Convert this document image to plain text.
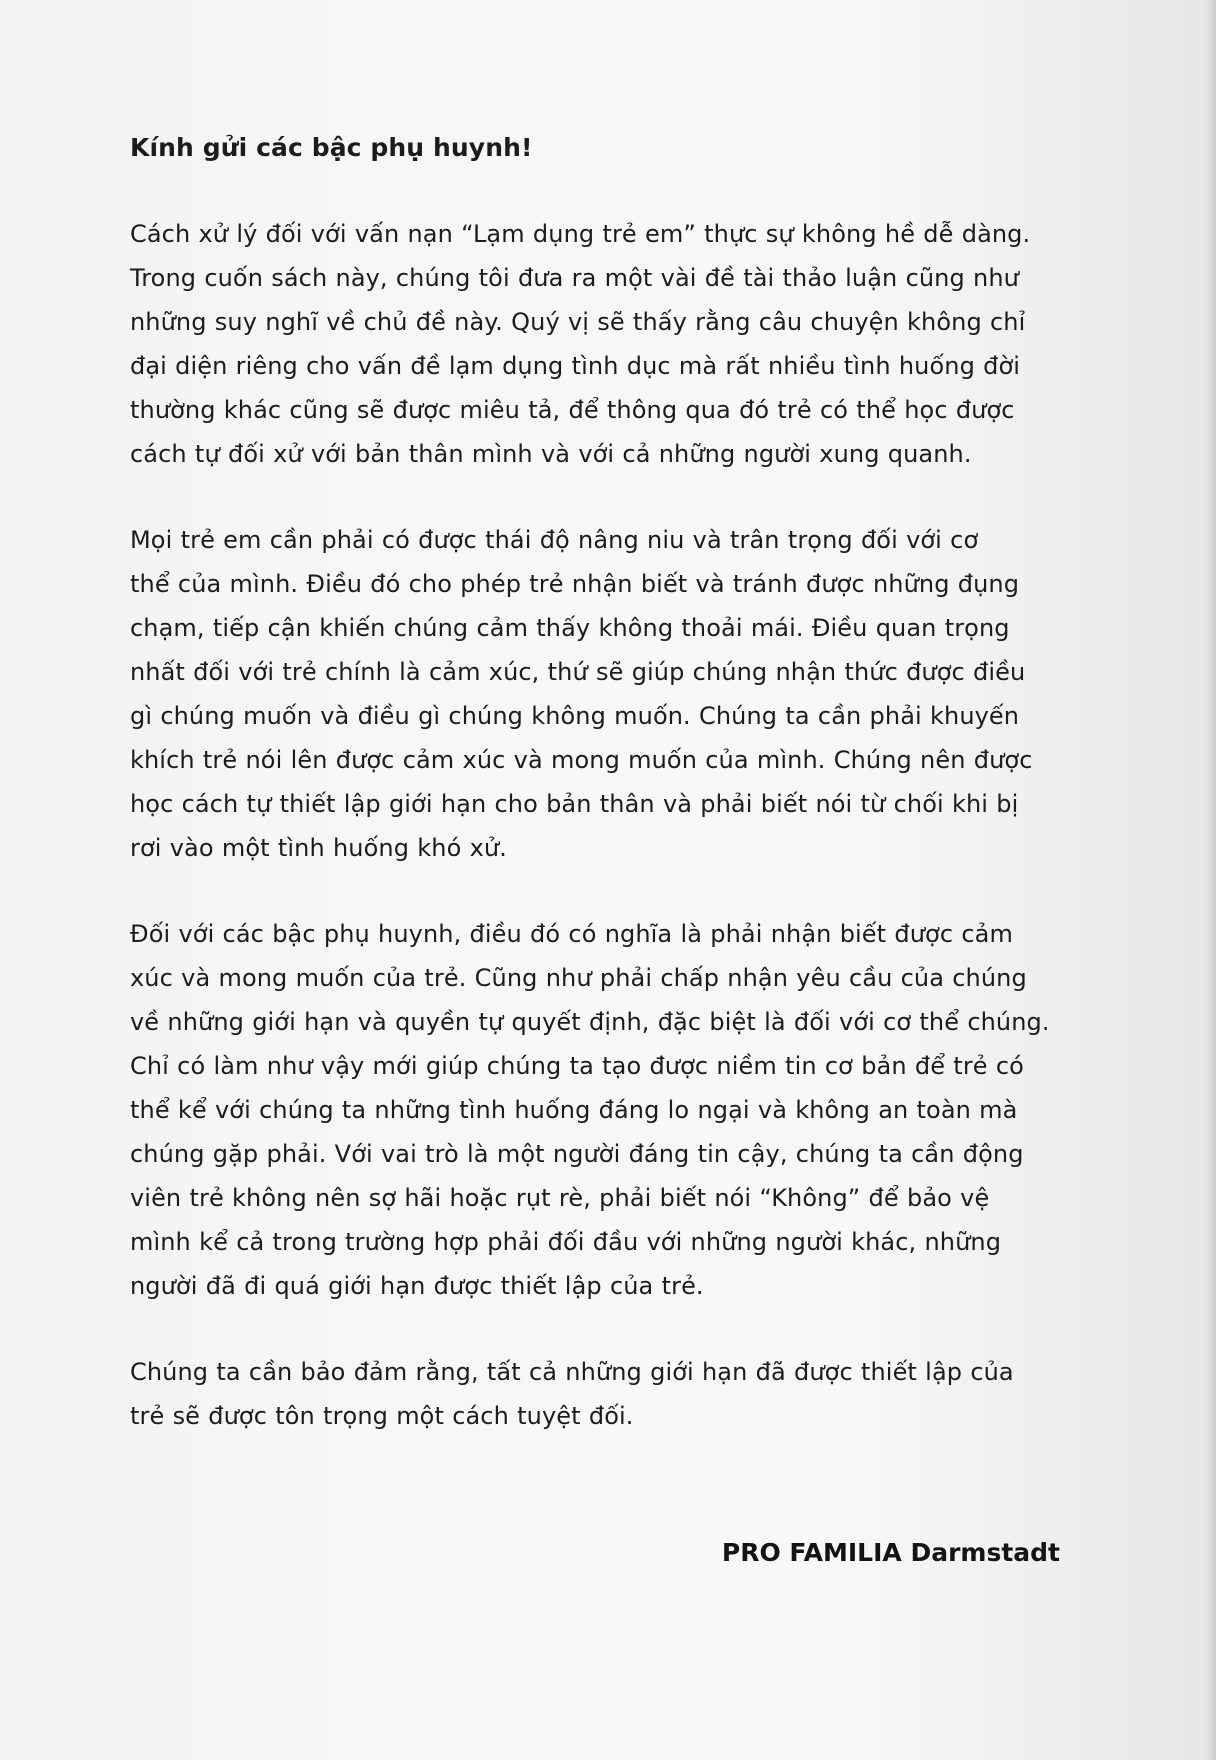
Kính gửi các bậc phụ huynh!

Cách xử lý đối với vấn nạn “Lạm dụng trẻ em” thực sự không hề dễ dàng.
Trong cuốn sách này, chúng tôi đưa ra một vài đề tài thảo luận cũng như
những suy nghĩ về chủ đề này. Quý vị sẽ thấy rằng câu chuyện không chỉ
đại diện riêng cho vấn đề lạm dụng tình dục mà rất nhiều tình huống đời
thường khác cũng sẽ được miêu tả, để thông qua đó trẻ có thể học được
cách tự đối xử với bản thân mình và với cả những người xung quanh.

Mọi trẻ em cần phải có được thái độ nâng niu và trân trọng đối với cơ
thể của mình. Điều đó cho phép trẻ nhận biết và tránh được những đụng
chạm, tiếp cận khiến chúng cảm thấy không thoải mái. Điều quan trọng
nhất đối với trẻ chính là cảm xúc, thứ sẽ giúp chúng nhận thức được điều
gì chúng muốn và điều gì chúng không muốn. Chúng ta cần phải khuyến
khích trẻ nói lên được cảm xúc và mong muốn của mình. Chúng nên được
học cách tự thiết lập giới hạn cho bản thân và phải biết nói từ chối khi bị
rơi vào một tình huống khó xử.

Đối với các bậc phụ huynh, điều đó có nghĩa là phải nhận biết được cảm
xúc và mong muốn của trẻ. Cũng như phải chấp nhận yêu cầu của chúng
về những giới hạn và quyền tự quyết định, đặc biệt là đối với cơ thể chúng.
Chỉ có làm như vậy mới giúp chúng ta tạo được niềm tin cơ bản để trẻ có
thể kể với chúng ta những tình huống đáng lo ngại và không an toàn mà
chúng gặp phải. Với vai trò là một người đáng tin cậy, chúng ta cần động
viên trẻ không nên sợ hãi hoặc rụt rè, phải biết nói “Không” để bảo vệ
mình kể cả trong trường hợp phải đối đầu với những người khác, những
người đã đi quá giới hạn được thiết lập của trẻ.

Chúng ta cần bảo đảm rằng, tất cả những giới hạn đã được thiết lập của
trẻ sẽ được tôn trọng một cách tuyệt đối.

PRO FAMILIA Darmstadt
